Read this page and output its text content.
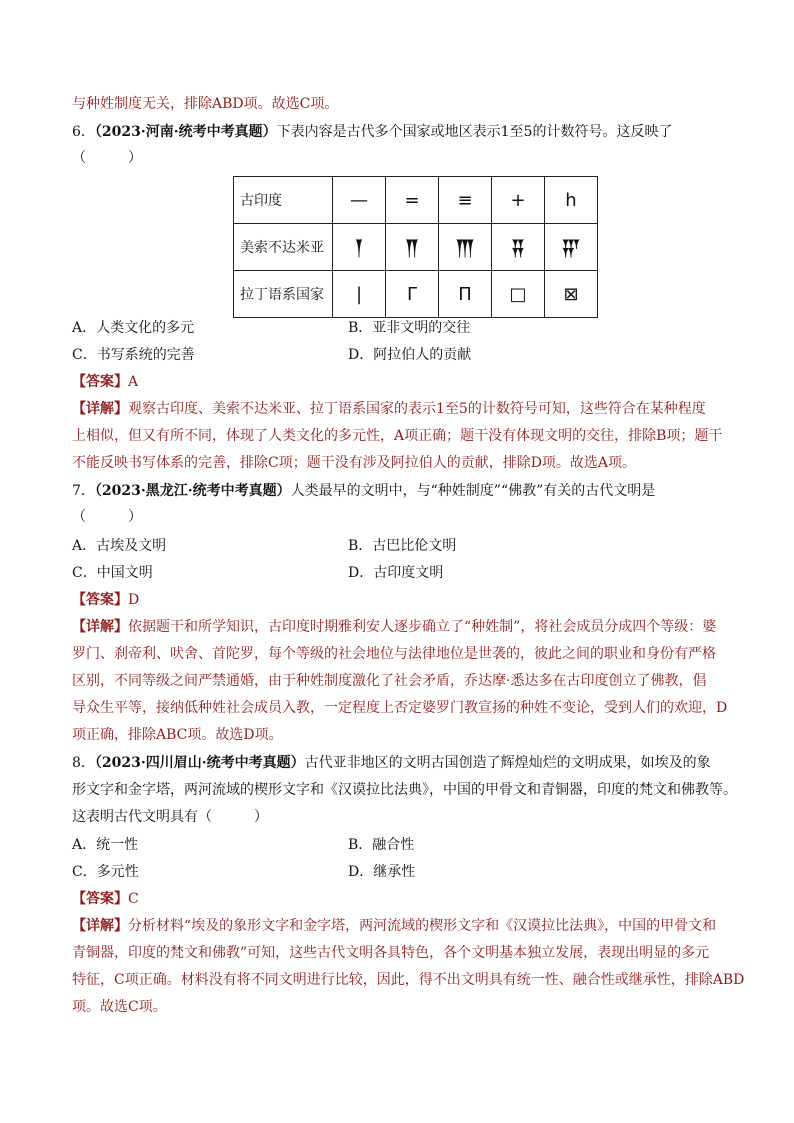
与种姓制度无关，排除ABD项。故选C项。
6．（2023·河南·统考中考真题）下表内容是古代多个国家或地区表示1至5的计数符号。这反映了
（　　　）
古印度	—	=	≡	+	h
美索不达米亚	𒐕	𒐖	𒐗	𒐘	𒐙
拉丁语系国家	|	Γ	Π	□	⊠
A．人类文化的多元	B．亚非文明的交往
C．书写系统的完善	D．阿拉伯人的贡献
【答案】A
【详解】观察古印度、美索不达米亚、拉丁语系国家的表示1至5的计数符号可知，这些符合在某种程度
上相似，但又有所不同，体现了人类文化的多元性，A项正确；题干没有体现文明的交往，排除B项；题干
不能反映书写体系的完善，排除C项；题干没有涉及阿拉伯人的贡献，排除D项。故选A项。
7．（2023·黑龙江·统考中考真题）人类最早的文明中，与“种姓制度”“佛教”有关的古代文明是
（　　　）
A．古埃及文明	B．古巴比伦文明
C．中国文明	D．古印度文明
【答案】D
【详解】依据题干和所学知识，古印度时期雅利安人逐步确立了“种姓制”，将社会成员分成四个等级：婆
罗门、刹帝利、吠舍、首陀罗，每个等级的社会地位与法律地位是世袭的，彼此之间的职业和身份有严格
区别，不同等级之间严禁通婚，由于种姓制度激化了社会矛盾，乔达摩·悉达多在古印度创立了佛教，倡
导众生平等，接纳低种姓社会成员入教，一定程度上否定婆罗门教宣扬的种姓不变论，受到人们的欢迎，D
项正确，排除ABC项。故选D项。
8．（2023·四川眉山·统考中考真题）古代亚非地区的文明古国创造了辉煌灿烂的文明成果，如埃及的象
形文字和金字塔，两河流域的楔形文字和《汉谟拉比法典》，中国的甲骨文和青铜器，印度的梵文和佛教等。
这表明古代文明具有（　　　）
A．统一性	B．融合性
C．多元性	D．继承性
【答案】C
【详解】分析材料“埃及的象形文字和金字塔，两河流域的楔形文字和《汉谟拉比法典》，中国的甲骨文和
青铜器，印度的梵文和佛教”可知，这些古代文明各具特色，各个文明基本独立发展，表现出明显的多元
特征，C项正确。材料没有将不同文明进行比较，因此，得不出文明具有统一性、融合性或继承性，排除ABD
项。故选C项。
